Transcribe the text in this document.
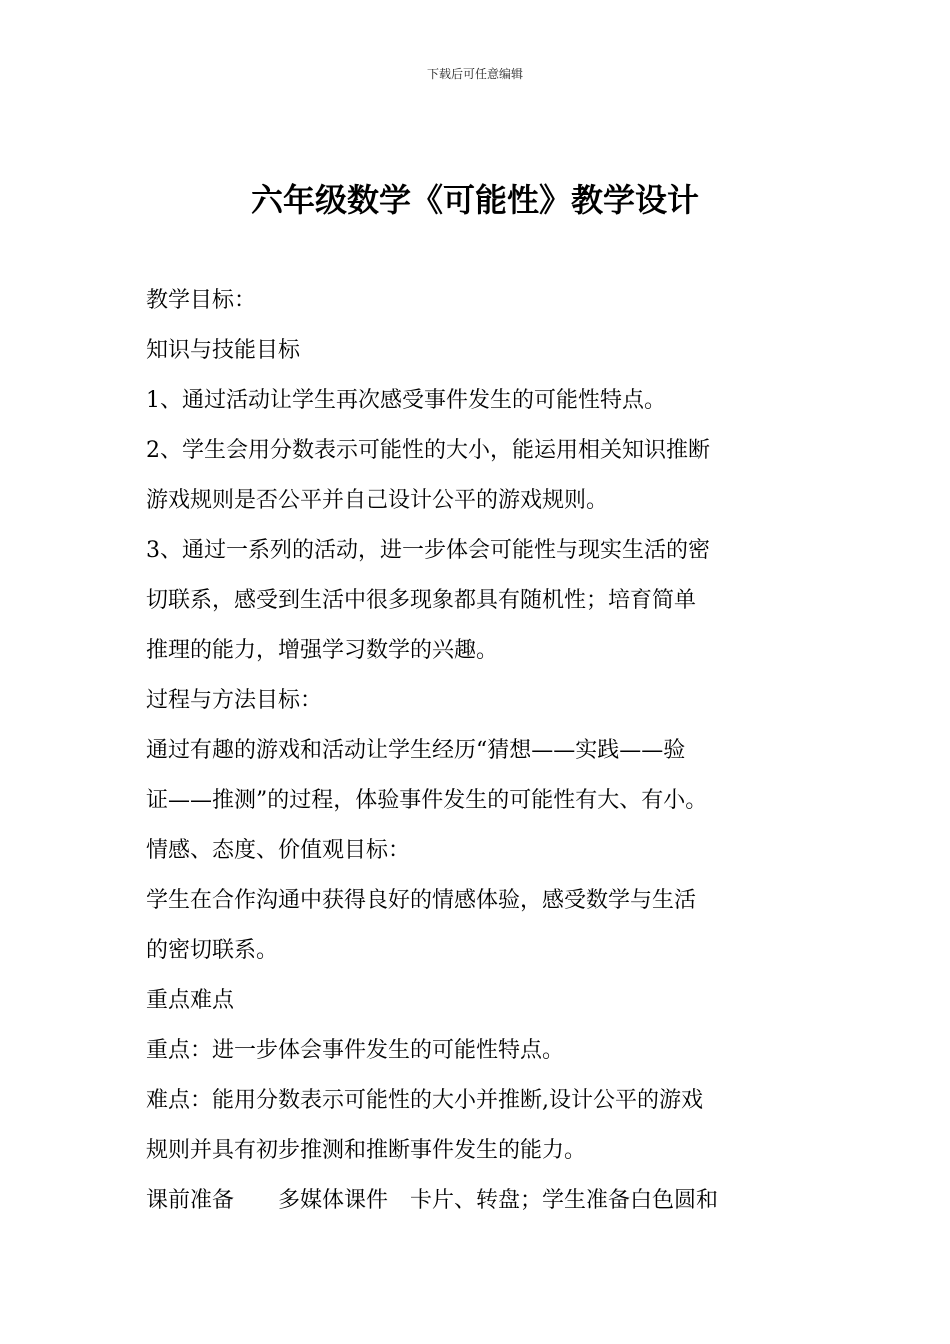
下载后可任意编辑
六年级数学《可能性》教学设计

教学目标：

知识与技能目标

1、通过活动让学生再次感受事件发生的可能性特点。

2、学生会用分数表示可能性的大小，能运用相关知识推断

游戏规则是否公平并自己设计公平的游戏规则。

3、通过一系列的活动，进一步体会可能性与现实生活的密

切联系，感受到生活中很多现象都具有随机性；培育简单

推理的能力，增强学习数学的兴趣。

过程与方法目标：

通过有趣的游戏和活动让学生经历“猜想——实践——验

证——推测”的过程，体验事件发生的可能性有大、有小。

情感、态度、价值观目标：

学生在合作沟通中获得良好的情感体验，感受数学与生活

的密切联系。

重点难点

重点：进一步体会事件发生的可能性特点。

难点：能用分数表示可能性的大小并推断,设计公平的游戏

规则并具有初步推测和推断事件发生的能力。

课前准备　　多媒体课件　卡片、转盘；学生准备白色圆和
